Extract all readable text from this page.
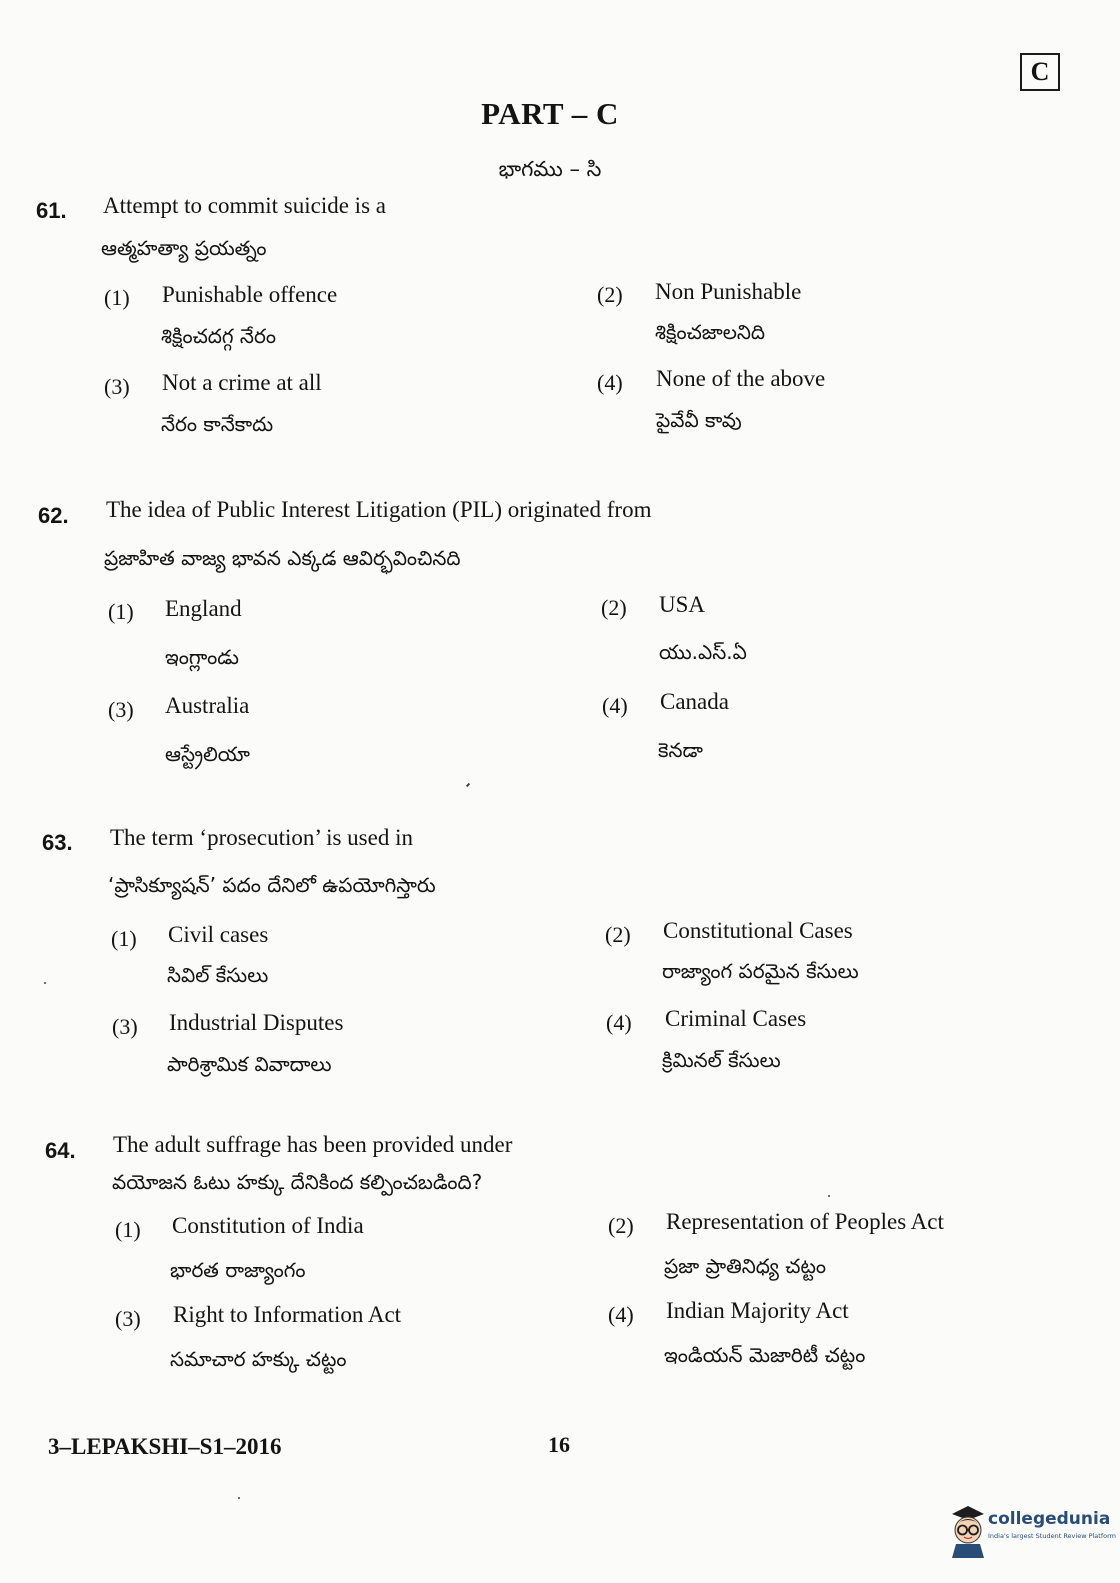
C
PART – C
భాగము – సి
61. Attempt to commit suicide is a
ఆత్మహత్యా ప్రయత్నం
(1) Punishable offence
శిక్షించదగ్గ నేరం
(2) Non Punishable
శిక్షించజాలనిది
(3) Not a crime at all
నేరం కానేకాదు
(4) None of the above
పైవేవీ కావు
62. The idea of Public Interest Litigation (PIL) originated from
ప్రజాహిత వాజ్య భావన ఎక్కడ ఆవిర్భవించినది
(1) England
ఇంగ్లాండు
(2) USA
యు.ఎస్.ఏ
(3) Australia
ఆస్ట్రేలియా
(4) Canada
కెనడా
63. The term ‘prosecution’ is used in
‘ప్రాసిక్యూషన్’ పదం దేనిలో ఉపయోగిస్తారు
(1) Civil cases
సివిల్ కేసులు
(2) Constitutional Cases
రాజ్యాంగ పరమైన కేసులు
(3) Industrial Disputes
పారిశ్రామిక వివాదాలు
(4) Criminal Cases
క్రిమినల్ కేసులు
64. The adult suffrage has been provided under
వయోజన ఓటు హక్కు దేనికింద కల్పించబడింది?
(1) Constitution of India
భారత రాజ్యాంగం
(2) Representation of Peoples Act
ప్రజా ప్రాతినిధ్య చట్టం
(3) Right to Information Act
సమాచార హక్కు చట్టం
(4) Indian Majority Act
ఇండియన్ మెజారిటీ చట్టం
3–LEPAKSHI–S1–2016	16
collegedunia
India's largest Student Review Platform
